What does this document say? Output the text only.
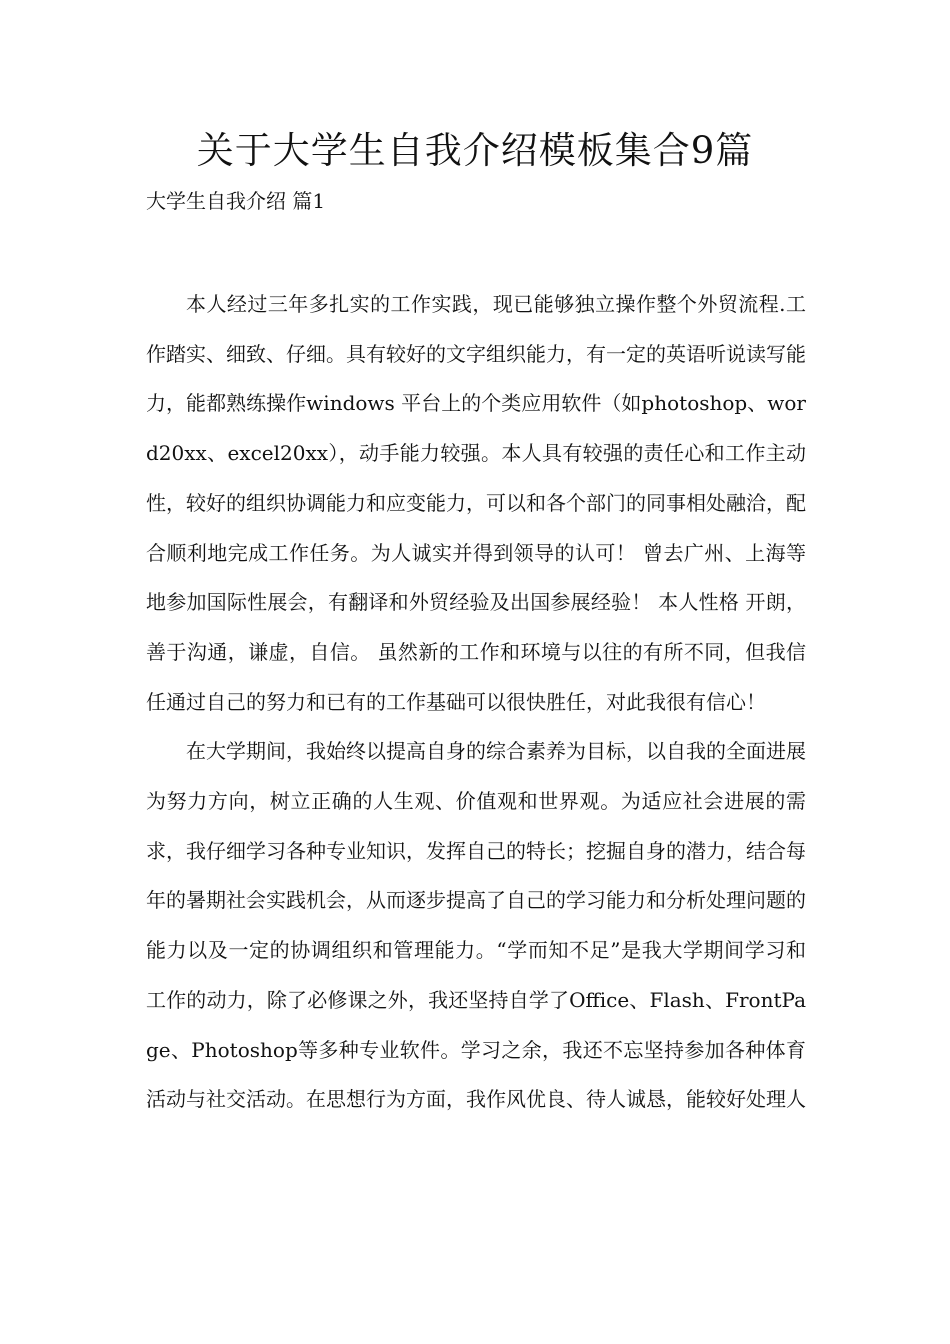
关于大学生自我介绍模板集合9篇
大学生自我介绍 篇1

本人经过三年多扎实的工作实践，现已能够独立操作整个外贸流程.工作踏实、细致、仔细。具有较好的文字组织能力，有一定的英语听说读写能力，能都熟练操作windows 平台上的个类应用软件（如photoshop、word20xx、excel20xx），动手能力较强。本人具有较强的责任心和工作主动性，较好的组织协调能力和应变能力，可以和各个部门的同事相处融洽，配合顺利地完成工作任务。为人诚实并得到领导的认可！ 曾去广州、上海等地参加国际性展会，有翻译和外贸经验及出国参展经验！ 本人性格 开朗，善于沟通，谦虚，自信。 虽然新的工作和环境与以往的有所不同，但我信任通过自己的努力和已有的工作基础可以很快胜任，对此我很有信心！

在大学期间，我始终以提高自身的综合素养为目标，以自我的全面进展为努力方向，树立正确的人生观、价值观和世界观。为适应社会进展的需求，我仔细学习各种专业知识，发挥自己的特长；挖掘自身的潜力，结合每年的暑期社会实践机会，从而逐步提高了自己的学习能力和分析处理问题的能力以及一定的协调组织和管理能力。“学而知不足”是我大学期间学习和工作的动力，除了必修课之外，我还坚持自学了Office、Flash、FrontPage、Photoshop等多种专业软件。学习之余，我还不忘坚持参加各种体育活动与社交活动。在思想行为方面，我作风优良、待人诚恳，能较好处理人
